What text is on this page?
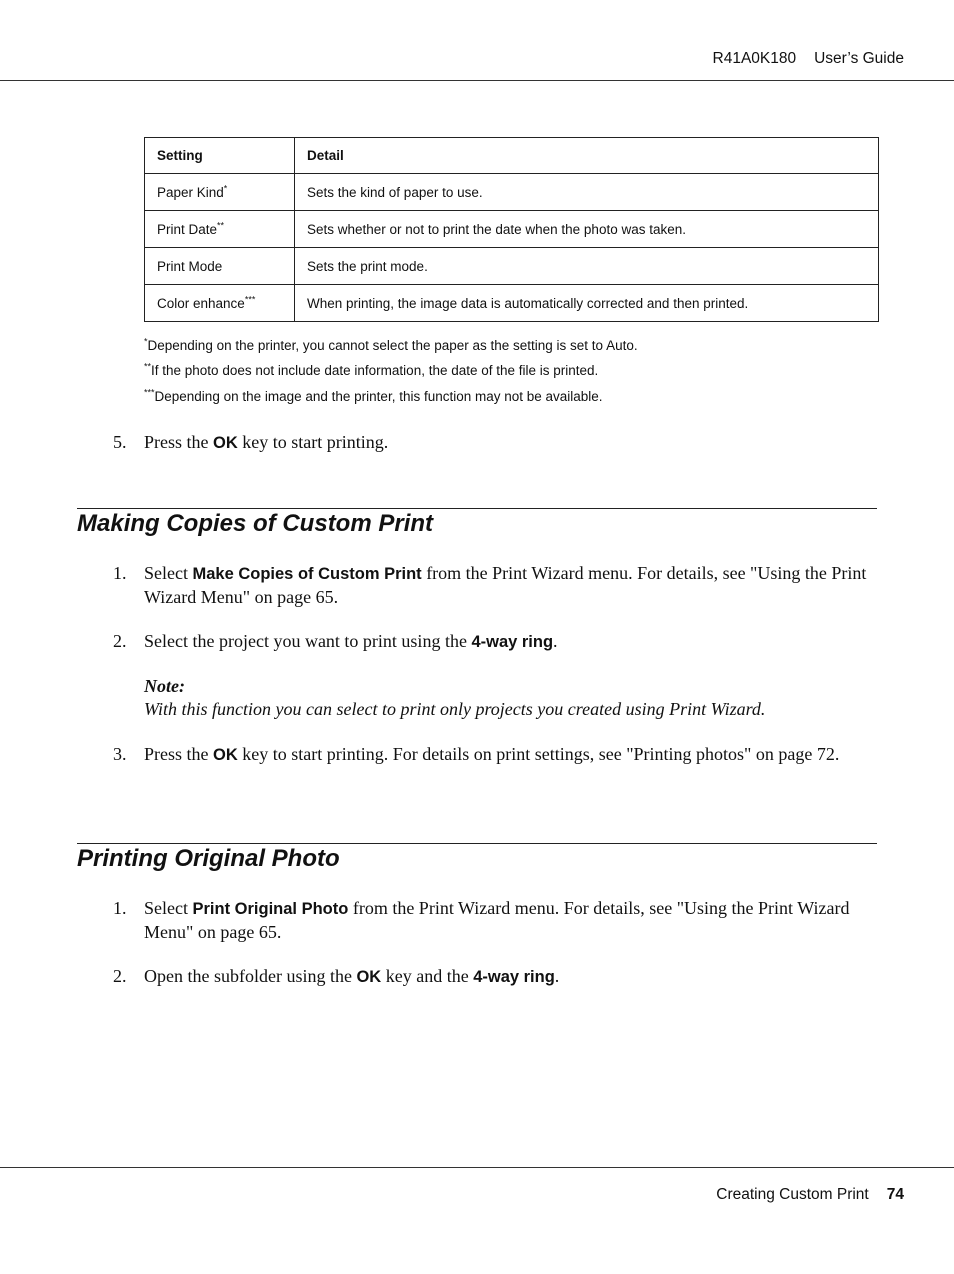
R41A0K180 User’s Guide
Setting	Detail
Paper Kind*	Sets the kind of paper to use.
Print Date**	Sets whether or not to print the date when the photo was taken.
Print Mode	Sets the print mode.
Color enhance***	When printing, the image data is automatically corrected and then printed.
*Depending on the printer, you cannot select the paper as the setting is set to Auto.
**If the photo does not include date information, the date of the file is printed.
***Depending on the image and the printer, this function may not be available.
5. Press the OK key to start printing.
Making Copies of Custom Print
1. Select Make Copies of Custom Print from the Print Wizard menu. For details, see "Using the Print Wizard Menu" on page 65.
2. Select the project you want to print using the 4-way ring.
Note:
With this function you can select to print only projects you created using Print Wizard.
3. Press the OK key to start printing. For details on print settings, see "Printing photos" on page 72.
Printing Original Photo
1. Select Print Original Photo from the Print Wizard menu. For details, see "Using the Print Wizard Menu" on page 65.
2. Open the subfolder using the OK key and the 4-way ring.
Creating Custom Print 74
